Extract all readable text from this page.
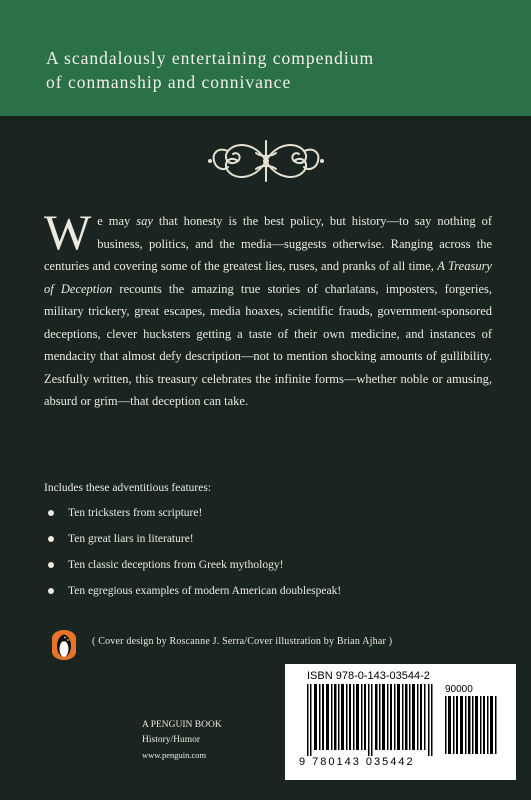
A scandalously entertaining compendium
of conmanship and connivance

We may say that honesty is the best policy, but history—to say nothing of business, politics, and the media—suggests otherwise. Ranging across the centuries and covering some of the greatest lies, ruses, and pranks of all time, A Treasury of Deception recounts the amazing true stories of charlatans, imposters, forgeries, military trickery, great escapes, media hoaxes, scientific frauds, government-sponsored deceptions, clever hucksters getting a taste of their own medicine, and instances of mendacity that almost defy description—not to mention shocking amounts of gullibility. Zestfully written, this treasury celebrates the infinite forms—whether noble or amusing, absurd or grim—that deception can take.

Includes these adventitious features:

Ten tricksters from scripture!
Ten great liars in literature!
Ten classic deceptions from Greek mythology!
Ten egregious examples of modern American doublespeak!
( Cover design by Roscanne J. Serra/Cover illustration by Brian Ajhar )
A PENGUIN BOOK
History/Humor
www.penguin.com
ISBN 978-0-143-03544-2
90000
9 780143 035442
